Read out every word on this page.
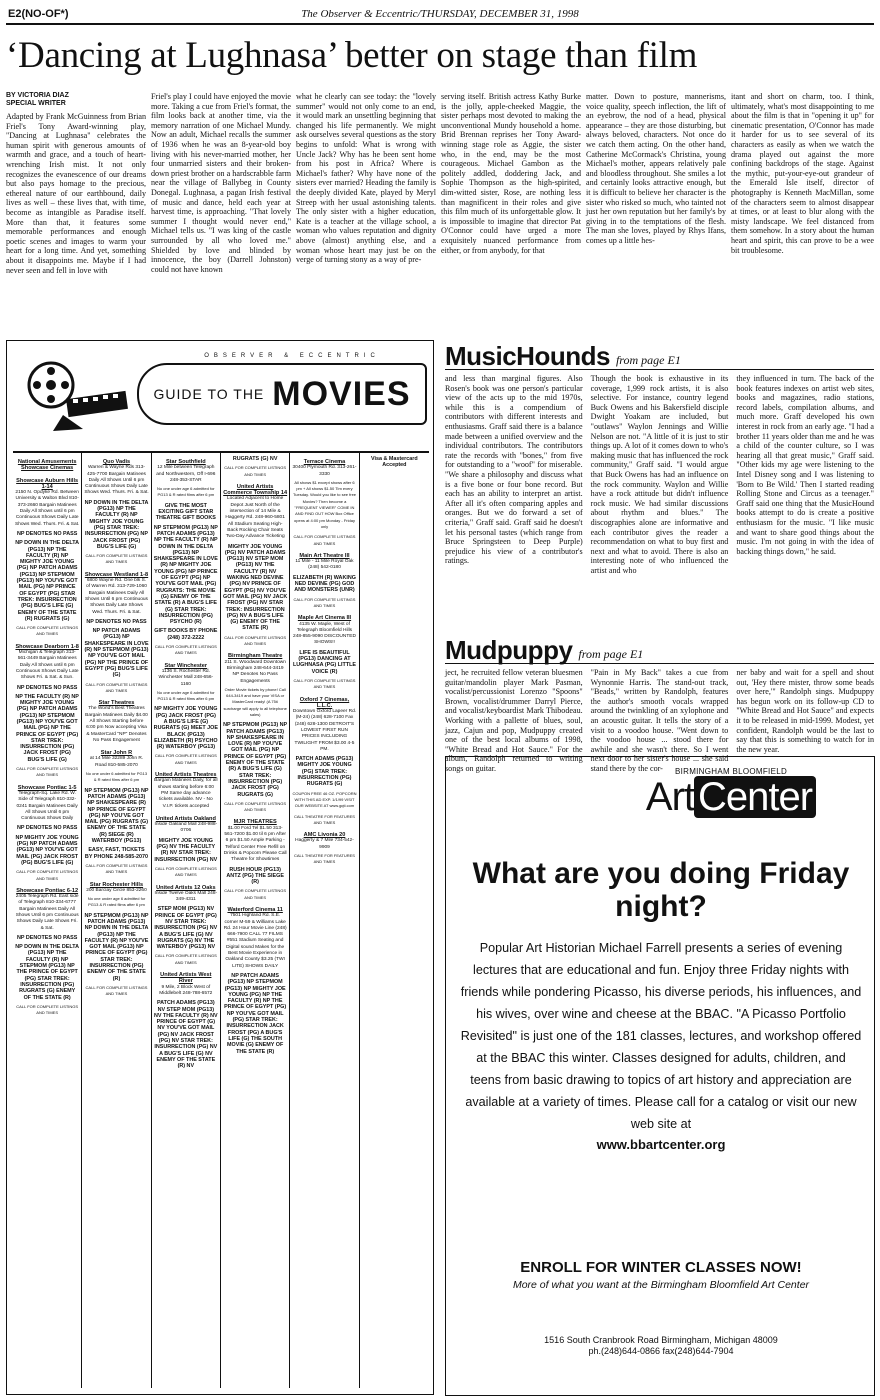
E2(NO-OF*)	The Observer & Eccentric/THURSDAY, DECEMBER 31, 1998
‘Dancing at Lughnasa’ better on stage than film
BY VICTORIA DIAZ
SPECIAL WRITER
Adapted by Frank McGuinness from Brian Friel's Tony Award-winning play, "Dancing at Lughnasa" celebrates the human spirit with generous amounts of warmth and grace, and a touch of heart-wrenching Irish mist. It not only recognizes the evanescence of our dreams but also pays homage to the precious, ethereal nature of our earthbound, daily lives as well – these lives that, with time, become as intangible as Paradise itself. More than that, it features some memorable performances and enough poetic scenes and images to warm your heart for a long time. And yet, something about it disappoints me. Maybe if I had never seen and fell in love with
Friel's play I could have enjoyed the movie more. Taking a cue from Friel's format, the film looks back at another time, via the memory narration of one Michael Mundy. Now an adult, Michael recalls the summer of 1936 when he was an 8-year-old boy living with his never-married mother, her four unmarried sisters and their broken-down priest brother on a hardscrabble farm near the village of Ballybeg in County Donegal. Lughnasa, a pagan Irish festival of music and dance, held each year at harvest time, is approaching. "That lovely summer I thought would never end," Michael tells us. "I was king of the castle surrounded by all who loved me." Shielded by love and blinded by innocence, the boy (Darrell Johnston) could not have known
what he clearly can see today: the "lovely summer" would not only come to an end, it would mark an unsettling beginning that changed his life permanently. We might ask ourselves several questions as the story begins to unfold: What is wrong with Uncle Jack? Why has he been sent home from his post in Africa? Where is Michael's father? Why have none of the sisters ever married? Heading the family is the deeply divided Kate, played by Meryl Streep with her usual astonishing talents. The only sister with a higher education, Kate is a teacher at the village school, a woman who values reputation and dignity above (almost) anything else, and a woman whose heart may just be on the verge of turning stony as a way of pre-
serving itself. British actress Kathy Burke is the jolly, apple-cheeked Maggie, the sister perhaps most devoted to making the unconventional Mundy household a home. Brid Brennan reprises her Tony Award-winning stage role as Aggie, the sister who, in the end, may be the most courageous. Michael Gambon as the politely addled, doddering Jack, and Sophie Thompson as the high-spirited, dim-witted sister, Rose, are nothing less than magnificent in their roles and give this film much of its unforgettable glow. It is impossible to imagine that director Pat O'Connor could have urged a more exquisitely nuanced performance from either, or from anybody, for that
matter. Down to posture, mannerisms, voice quality, speech inflection, the lift of an eyebrow, the nod of a head, physical appearance – they are those disturbing, but always beloved, characters. Not once do we catch them acting. On the other hand, Catherine McCormack's Christina, young Michael's mother, appears relatively pale and bloodless throughout. She smiles a lot and certainly looks attractive enough, but it is difficult to believe her character is the sister who risked so much, who tainted not just her own reputation but her family's by giving in to the temptations of the flesh. The man she loves, played by Rhys Ifans, comes up a little hes-
itant and short on charm, too. I think, ultimately, what's most disappointing to me about the film is that in "opening it up" for cinematic presentation, O'Connor has made it harder for us to see several of its characters as easily as when we watch the drama played out against the more confining backdrops of the stage. Against the mythic, put-your-eye-out grandeur of the Emerald Isle itself, director of photography is Kenneth MacMillan, some of the characters seem to almost disappear at times, or at least to blur along with the misty landscape. We feel distanced from them somehow. In a story about the human heart and spirit, this can prove to be a wee bit troublesome.
OBSERVER & ECCENTRIC
GUIDE TO THE MOVIES
National Amusements Showcase Cinemas
Showcase Auburn Hills 1-14
2150 N. Opdyke Rd. Between University & Walton Blvd 810-373-2660 Bargain Matinees Daily All Shows until 6 pm Continuous Shows Daily Late Shows Wed. Thurs. Fri. & Sat.
NP DENOTES NO PASS
NP DOWN IN THE DELTA (PG13) NP THE FACULTY (R) NP MIGHTY JOE YOUNG (PG) NP PATCH ADAMS (PG13) NP STEPMOM (PG13) NP YOU'VE GOT MAIL (PG) NP PRINCE OF EGYPT (PG) STAR TREK: INSURRECTION (PG) BUG'S LIFE (G) ENEMY OF THE STATE (R) RUGRATS (G)
CALL FOR COMPLETE LISTINGS AND TIMES
Showcase Dearborn 1-8
Michigan & Telegraph 313-561-3449 Bargain Matinees Daily All Shows until 6 pm Continuous Shows Daily Late Shows Fri. & Sat. & Sun.
NP DENOTES NO PASS
NP THE FACULTY (R) NP MIGHTY JOE YOUNG (PG) NP PATCH ADAMS (PG13) NP STEPMOM (PG13) NP YOU'VE GOT MAIL (PG) NP THE PRINCE OF EGYPT (PG) STAR TREK: INSURRECTION (PG) JACK FROST (PG) BUG'S LIFE (G)
CALL FOR COMPLETE LISTINGS AND TIMES
Showcase Pontiac 1-5
Telegraph-Sq. Lake Rd. W. Side of Telegraph 810-332-0241 Bargain Matinees Daily All Shows Until 6 pm Continuous Shows Daily
NP DENOTES NO PASS
NP MIGHTY JOE YOUNG (PG) NP PATCH ADAMS (PG13) NP YOU'VE GOT MAIL (PG) JACK FROST (PG) BUG'S LIFE (G)
CALL FOR COMPLETE LISTINGS AND TIMES
Showcase Pontiac 6-12
2405 Telegraph Rd. East side of Telegraph 810-334-6777 Bargain Matinees Daily All Shows Until 6 pm Continuous Shows Daily Late Shows Fri. & Sat.
NP DENOTES NO PASS
NP DOWN IN THE DELTA (PG13) NP THE FACULTY (R) NP STEPMOM (PG13) NP THE PRINCE OF EGYPT (PG) STAR TREK: INSURRECTION (PG) RUGRATS (G) ENEMY OF THE STATE (R)
CALL FOR COMPLETE LISTINGS AND TIMES
Quo Vadis
Warren & Wayne Rds 313-425-7700 Bargain Matinees Daily All Shows Until 6 pm Continuous Shows Daily Late Shows Wed. Thurs. Fri. & Sat.
NP DOWN IN THE DELTA (PG13) NP THE FACULTY (R) NP MIGHTY JOE YOUNG (PG) STAR TREK: INSURRECTION (PG) NP JACK FROST (PG) BUG'S LIFE (G)
CALL FOR COMPLETE LISTINGS AND TIMES
Showcase Westland 1-8
6800 Wayne Rd. One blk S. of Warren Rd. 313-729-1060 Bargain Matinees Daily All Shows Until 6 pm Continuous Shows Daily Late Shows Wed. Thurs. Fri. & Sat.
NP DENOTES NO PASS
NP PATCH ADAMS (PG13) NP SHAKESPEARE IN LOVE (R) NP STEPMOM (PG13) NP YOU'VE GOT MAIL (PG) NP THE PRINCE OF EGYPT (PG) BUG'S LIFE (G)
CALL FOR COMPLETE LISTINGS AND TIMES
Star Theatres
The World's Best Theatres Bargain Matinees Daily $4.00 All Shows Starting before 6:00 pm Now accepting Visa & MasterCard "NP" Denotes No Pass Engagement
Star John R
at 14 Mile 32289 John R. Road 810-585-2070
No one under 6 admitted for PG13 & R rated films after 6 pm
NP STEPMOM (PG13) NP PATCH ADAMS (PG13) NP SHAKESPEARE (R) NP PRINCE OF EGYPT (PG) NP YOU'VE GOT MAIL (PG) RUGRATS (G) ENEMY OF THE STATE (R) SIEGE (R) WATERBOY (PG13)
EASY, FAST, TICKETS BY PHONE 248-585-2070
CALL FOR COMPLETE LISTINGS AND TIMES
Star Rochester Hills
200 Barclay Circle 853-2260
No one under age 6 admitted for PG13 & R rated films after 6 pm
NP STEPMOM (PG13) NP PATCH ADAMS (PG13) NP DOWN IN THE DELTA (PG13) NP THE FACULTY (R) NP YOU'VE GOT MAIL (PG13) NP PRINCE OF EGYPT (PG) STAR TREK: INSURRECTION (PG) ENEMY OF THE STATE (R)
CALL FOR COMPLETE LISTINGS AND TIMES
Star Southfield
12 Mile between Telegraph and Northwestern, Off I-696 248-353-STAR
No one under age 6 admitted for PG13 & R rated films after 6 pm
GIVE THE MOST EXCITING GIFT STAR THEATRE GIFT BOOKS
NP STEPMOM (PG13) NP PATCH ADAMS (PG13) NP THE FACULTY (R) NP DOWN IN THE DELTA (PG13) NP SHAKESPEARE IN LOVE (R) NP MIGHTY JOE YOUNG (PG) NP PRINCE OF EGYPT (PG) NP YOU'VE GOT MAIL (PG) RUGRATS: THE MOVIE (G) ENEMY OF THE STATE (R) A BUG'S LIFE (G) STAR TREK: INSURRECTION (PG) PSYCHO (R)
GIFT BOOKS BY PHONE (248) 372-2222
CALL FOR COMPLETE LISTINGS AND TIMES
Star Winchester
1136 S. Rochester Rd. Winchester Mall 248-656-1160
No one under age 6 admitted for PG13 & R rated films after 6 pm
NP MIGHTY JOE YOUNG (PG) JACK FROST (PG) A BUG'S LIFE (G) RUGRATS (G) MEET JOE BLACK (PG13) ELIZABETH (R) PSYCHO (R) WATERBOY (PG13)
CALL FOR COMPLETE LISTINGS AND TIMES
United Artists Theatres
Bargain Matinees Daily, for all shows starting before 6:00 PM Same day advance tickets available. NV - No V.I.P. tickets accepted
United Artists Oakland
Inside Oakland Mall 248-988-0706
MIGHTY JOE YOUNG (PG) NV THE FACULTY (R) NV STAR TREK: INSURRECTION (PG) NV
CALL FOR COMPLETE LISTINGS AND TIMES
United Artists 12 Oaks
Inside Twelve Oaks Mall 248-349-4311
STEP MOM (PG13) NV PRINCE OF EGYPT (PG) NV STAR TREK: INSURRECTION (PG) NV A BUG'S LIFE (G) NV RUGRATS (G) NV THE WATERBOY (PG13) NV
CALL FOR COMPLETE LISTINGS AND TIMES
United Artists West River
9 Mile, 2 Block West of Middlebelt 248-788-6572
PATCH ADAMS (PG13) NV STEP MOM (PG13) NV THE FACULTY (R) NV PRINCE OF EGYPT (G) NV YOU'VE GOT MAIL (PG) NV JACK FROST (PG) NV STAR TREK: INSURRECTION (PG) NV A BUG'S LIFE (G) NV ENEMY OF THE STATE (R) NV
RUGRATS (G) NV
CALL FOR COMPLETE LISTINGS AND TIMES
United Artists Commerce Township 14
Located Adjacent to Home Depot Just North of the intersection of 14 Mile & Haggerty Rd. 248-960-5801 All Stadium Seating High-Back Rocking Chair Seats Two-Day Advance Ticketing
MIGHTY JOE YOUNG (PG) NV PATCH ADAMS (PG13) NV STEP MOM (PG13) NV THE FACULTY (R) NV WAKING NED DEVINE (PG) NV PRINCE OF EGYPT (PG) NV YOU'VE GOT MAIL (PG) NV JACK FROST (PG) NV STAR TREK: INSURRECTION (PG) NV A BUG'S LIFE (G) ENEMY OF THE STATE (R)
CALL FOR COMPLETE LISTINGS AND TIMES
Birmingham Theatre
211 S. Woodward Downtown Birmingham 248-644-3419 NP Denotes No Pass Engagements
Order Movie tickets by phone! Call 644-3419 and have your VISA or MasterCard ready! (A 75¢ surcharge will apply to all telephone sales)
NP STEPMOM (PG13) NP PATCH ADAMS (PG13) NP SHAKESPEARE IN LOVE (R) NP YOU'VE GOT MAIL (PG) NP PRINCE OF EGYPT (PG) ENEMY OF THE STATE (R) A BUG'S LIFE (G) STAR TREK: INSURRECTION (PG) JACK FROST (PG) RUGRATS (G)
CALL FOR COMPLETE LISTINGS AND TIMES
MJR THEATRES
$1.00 Ford Tel $1.50 313-561-7200 $1.00 til 6 pm After 6 pm $1.50 Ample Parking - Telford Center Free Refill on Drinks & Popcorn Please Call Theatre for Showtimes
RUSH HOUR (PG13) ANTZ (PG) THE SIEGE (R)
CALL FOR COMPLETE LISTINGS AND TIMES
Waterford Cinema 11
7501 Highland Rd. S.E. corner M-59 & Williams Lake Rd. 24 Hour Movie Line (248) 666-7900 CALL 77 FILMS #551 Stadium Seating and Digital sound Makes for the Best Movie Experience in Oakland County $3.25 (TWI LITE) SHOWS DAILY
NP PATCH ADAMS (PG13) NP STEPMOM (PG13) NP MIGHTY JOE YOUNG (PG) NP THE FACULTY (R) NP THE PRINCE OF EGYPT (PG) NP YOU'VE GOT MAIL (PG) STAR TREK: INSURRECTION JACK FROST (PG) A BUG'S LIFE (G) THE SOUTH MOVIE (G) ENEMY OF THE STATE (R)
Terrace Cinema
30400 Plymouth Rd. 313-261-3330
All shows $1 except shows after 6 pm + All shows $1.50 Tim every Tuesday. Would you like to see free Movies? Then become a "FREQUENT VIEWER" COME IN AND FIND OUT HOW Box Office opens at 4:00 pm Monday - Friday only
CALL FOR COMPLETE LISTINGS AND TIMES
Main Art Theatre III
11 Mile - 11 Mile Royal Oak (248) 542-0180
ELIZABETH (R) WAKING NED DEVINE (PG) GOD AND MONSTERS (UNR)
CALL FOR COMPLETE LISTINGS AND TIMES
Maple Art Cinema III
4135 W. Maple, West of Telegraph Bloomfield Hills 248-855-9090 DISCOUNTED SHOWS!!
LIFE IS BEAUTIFUL (PG13) DANCING AT LUGHNASA (PG) LITTLE VOICE (R)
CALL FOR COMPLETE LISTINGS AND TIMES
Oxford 7 Cinemas, L.L.C.
Downtown Oxford Lapeer Rd. (M-24) (248) 628-7100 Fax (248) 628-1300 DETROIT'S LOWEST FIRST RUN PRICES INCLUDING TWILIGHT FROM $3.00 4-5 PM.
PATCH ADAMS (PG13) MIGHTY JOE YOUNG (PG) STAR TREK: INSURRECTION (PG) RUGRATS (G)
COUPON FREE 46 OZ. POPCORN WITH THIS AD EXP. 1/1/99 VISIT OUR WEBSITE AT www.gqti.com
CALL THEATRE FOR FEATURES AND TIMES
AMC Livonia 20
Haggerty & 7 Mile 734-542-9909
CALL THEATRE FOR FEATURES AND TIMES
Visa & Mastercard Accepted
MusicHounds from page E1
and less than marginal figures. Also Rosen's book was one person's particular view of the acts up to the mid 1970s, while this is a compendium of contributors with different interests and enthusiasms. Graff said there is a balance made between a unified overview and the individual contributors. The contributors rate the records with "bones," from five for outstanding to a "woof" for miserable. "We share a philosophy and discuss what is a five bone or four bone record. But each has an ability to interpret an artist. After all it's often comparing apples and oranges. But we do forward a set of criteria," Graff said. Graff said he doesn't let his personal tastes (which range from Bruce Springsteen to Deep Purple) prejudice his view of a contributor's ratings.
Though the book is exhaustive in its coverage, 1,999 rock artists, it is also selective. For instance, country legend Buck Owens and his Bakersfield disciple Dwight Yoakam are included, but "outlaws" Waylon Jennings and Willie Nelson are not. "A little of it is just to stir things up. A lot of it comes down to who's making music that has influenced the rock community," Graff said. "I would argue that Buck Owens has had an influence on the rock community. Waylon and Willie have a rock attitude but didn't influence rock music. We had similar discussions about rhythm and blues." The discographies alone are informative and each contributor gives the reader a recommendation on what to buy first and next and what to avoid. There is also an interesting note of who influenced the artist and who
they influenced in turn. The back of the book features indexes on artist web sites, books and magazines, radio stations, record labels, compilation albums, and much more. Graff developed his own interest in rock from an early age. "I had a brother 11 years older than me and he was a child of the counter culture, so I was hearing all that great music," Graff said. "Other kids my age were listening to the Intel Disney song and I was listening to 'Born to Be Wild.' Then I started reading Rolling Stone and Circus as a teenager." Graff said one thing that the MusicHound books attempt to do is create a positive enthusiasm for the music. "I like music and want to share good things about the music. I'm not going in with the idea of backing things down," he said.
Mudpuppy from page E1
ject, he recruited fellow veteran bluesmen guitar/mandolin player Mark Pasman, vocalist/percussionist Lorenzo "Spoons" Brown, vocalist/drummer Darryl Pierce, and vocalist/keyboardist Mark Thibodeau. Working with a pallette of blues, soul, jazz, Cajun and pop, Mudpuppy created one of the best local albums of 1998, "White Bread and Hot Sauce." For the album, Randolph returned to writing songs on guitar.
"Pain in My Back" takes a cue from Wynonnie Harris. The stand-out track, "Beads," written by Randolph, features the author's smooth vocals wrapped around the twinkling of an xylophone and an acoustic guitar. It tells the story of a visit to a voodoo house. "Went down to the voodoo house ... stood there for awhile and she wasn't there. So I went next door to her sister's house ... she said stand there by the cor-
ner baby and wait for a spell and shout out, 'Hey there mister, throw some beads over here,'" Randolph sings. Mudpuppy has begun work on its follow-up CD to "White Bread and Hot Sauce" and expects it to be released in mid-1999. Modest, yet confident, Randolph would be the last to say that this is something to watch for in the new year.
BIRMINGHAM BLOOMFIELD
Art Center
What are you doing Friday night?
Popular Art Historian Michael Farrell presents a series of evening lectures that are educational and fun. Enjoy three Friday nights with friends while pondering Picasso, his diverse periods, his influences, and his wives, over wine and cheese at the BBAC. "A Picasso Portfolio Revisited" is just one of the 181 classes, lectures, and workshop offered at the BBAC this winter. Classes designed for adults, children, and teens from basic drawing to topics of art history and appreciation are available at a variety of times. Please call for a catalog or visit our new web site at
www.bbartcenter.org
ENROLL FOR WINTER CLASSES NOW!
More of what you want at the Birmingham Bloomfield Art Center
1516 South Cranbrook Road Birmingham, Michigan 48009
ph.(248)644-0866 fax(248)644-7904
